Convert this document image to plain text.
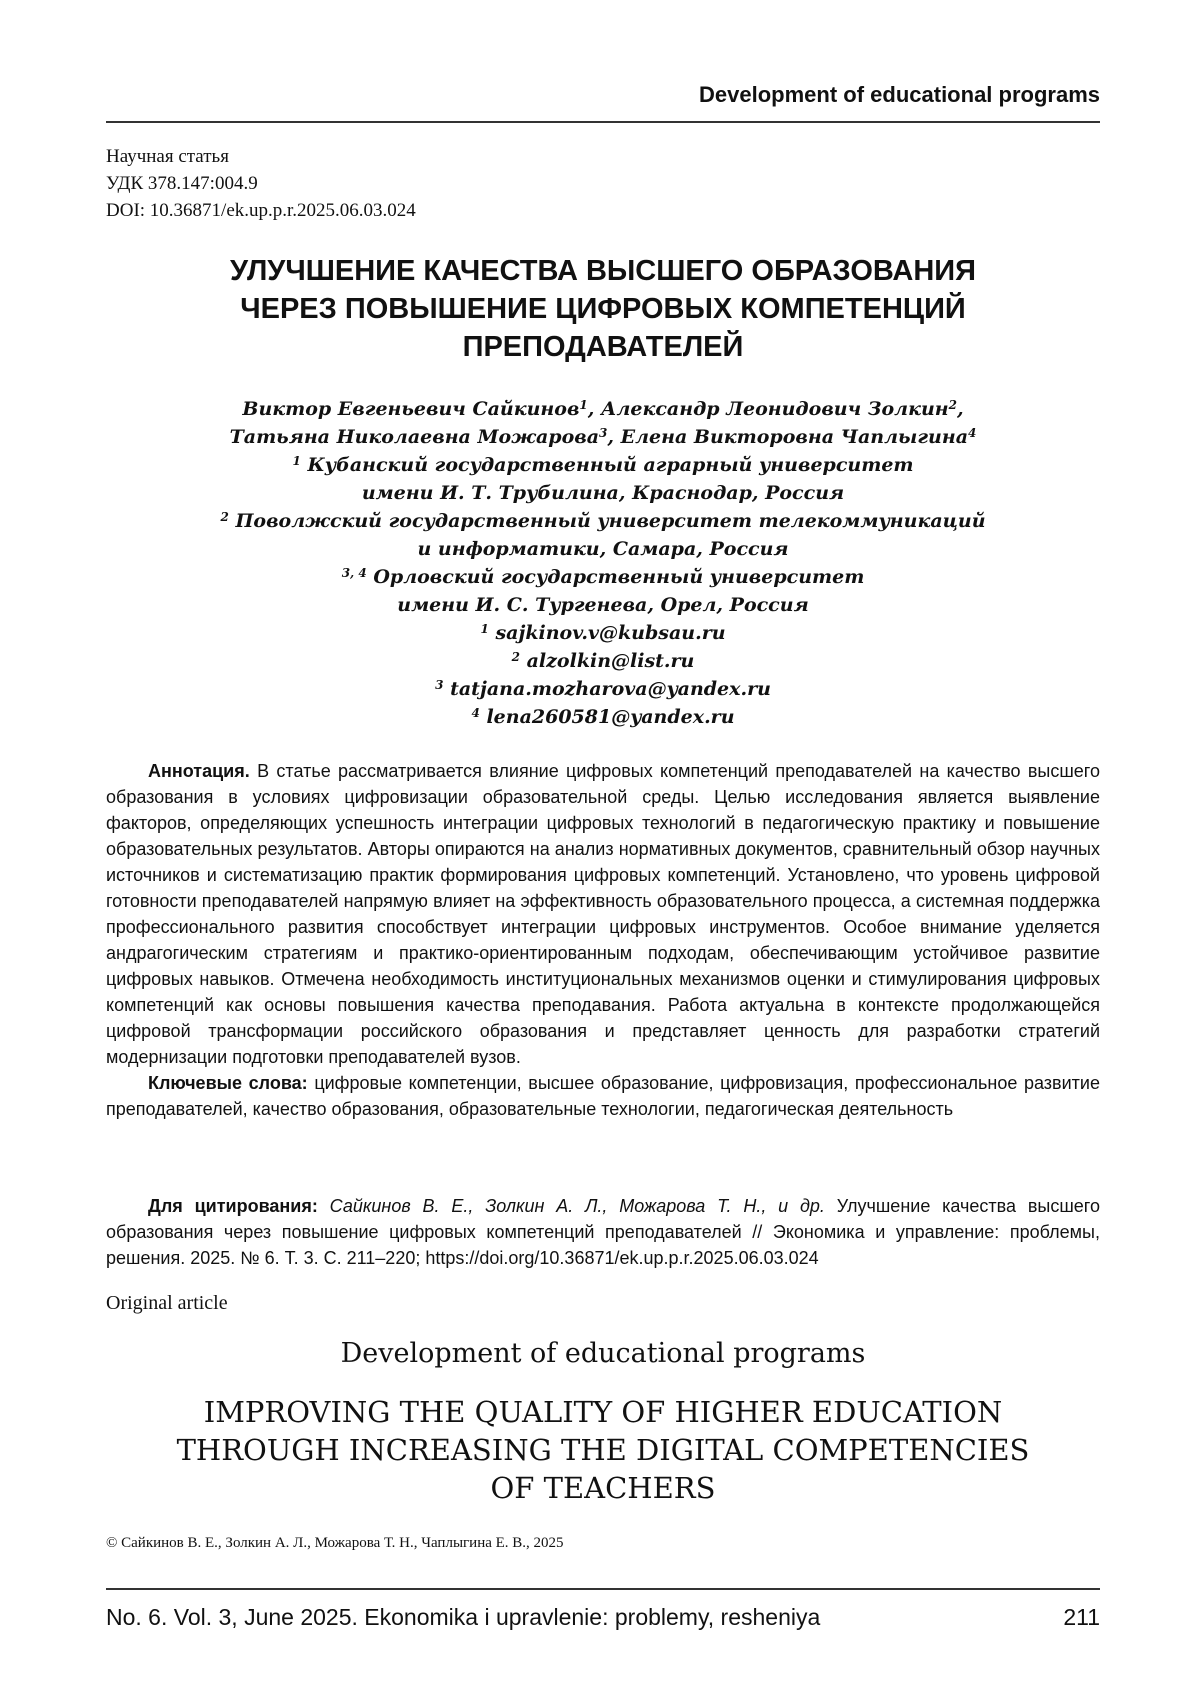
Development of educational programs
Научная статья
УДК 378.147:004.9
DOI: 10.36871/ek.up.p.r.2025.06.03.024
УЛУЧШЕНИЕ КАЧЕСТВА ВЫСШЕГО ОБРАЗОВАНИЯ
ЧЕРЕЗ ПОВЫШЕНИЕ ЦИФРОВЫХ КОМПЕТЕНЦИЙ
ПРЕПОДАВАТЕЛЕЙ
Виктор Евгеньевич Сайкинов$^1$, Александр Леонидович Золкин$^2$,
Татьяна Николаевна Можарова$^3$, Елена Викторовна Чаплыгина$^4$
$^1$ Кубанский государственный аграрный университет
имени И. Т. Трубилина, Краснодар, Россия
$^2$ Поволжский государственный университет телекоммуникаций
и информатики, Самара, Россия
$^{3, 4}$ Орловский государственный университет
имени И. С. Тургенева, Орел, Россия
$^1$ sajkinov.v@kubsau.ru
$^2$ alzolkin@list.ru
$^3$ tatjana.mozharova@yandex.ru
$^4$ lena260581@yandex.ru

Аннотация. В статье рассматривается влияние цифровых компетенций преподавателей на качество высшего образования в условиях цифровизации образовательной среды. Целью исследования является выявление факторов, определяющих успешность интеграции цифровых технологий в педагогическую практику и повышение образовательных результатов. Авторы опираются на анализ нормативных документов, сравнительный обзор научных источников и систематизацию практик формирования цифровых компетенций. Установлено, что уровень цифровой готовности преподавателей напрямую влияет на эффективность образовательного процесса, а системная поддержка профессионального развития способствует интеграции цифровых инструментов. Особое внимание уделяется андрагогическим стратегиям и практико-ориентированным подходам, обеспечивающим устойчивое развитие цифровых навыков. Отмечена необходимость институциональных механизмов оценки и стимулирования цифровых компетенций как основы повышения качества преподавания. Работа актуальна в контексте продолжающейся цифровой трансформации российского образования и представляет ценность для разработки стратегий модернизации подготовки преподавателей вузов.

Ключевые слова: цифровые компетенции, высшее образование, цифровизация, профессиональное развитие преподавателей, качество образования, образовательные технологии, педагогическая деятельность

Для цитирования: Сайкинов В. Е., Золкин А. Л., Можарова Т. Н., и др. Улучшение качества высшего образования через повышение цифровых компетенций преподавателей // Экономика и управление: проблемы, решения. 2025. № 6. Т. 3. С. 211–220; https://doi.org/10.36871/ek.up.p.r.2025.06.03.024
Original article
Development of educational programs
IMPROVING THE QUALITY OF HIGHER EDUCATION
THROUGH INCREASING THE DIGITAL COMPETENCIES
OF TEACHERS
© Сайкинов В. Е., Золкин А. Л., Можарова Т. Н., Чаплыгина Е. В., 2025
No. 6. Vol. 3, June 2025. Ekonomika i upravlenie: problemy, resheniya	211
